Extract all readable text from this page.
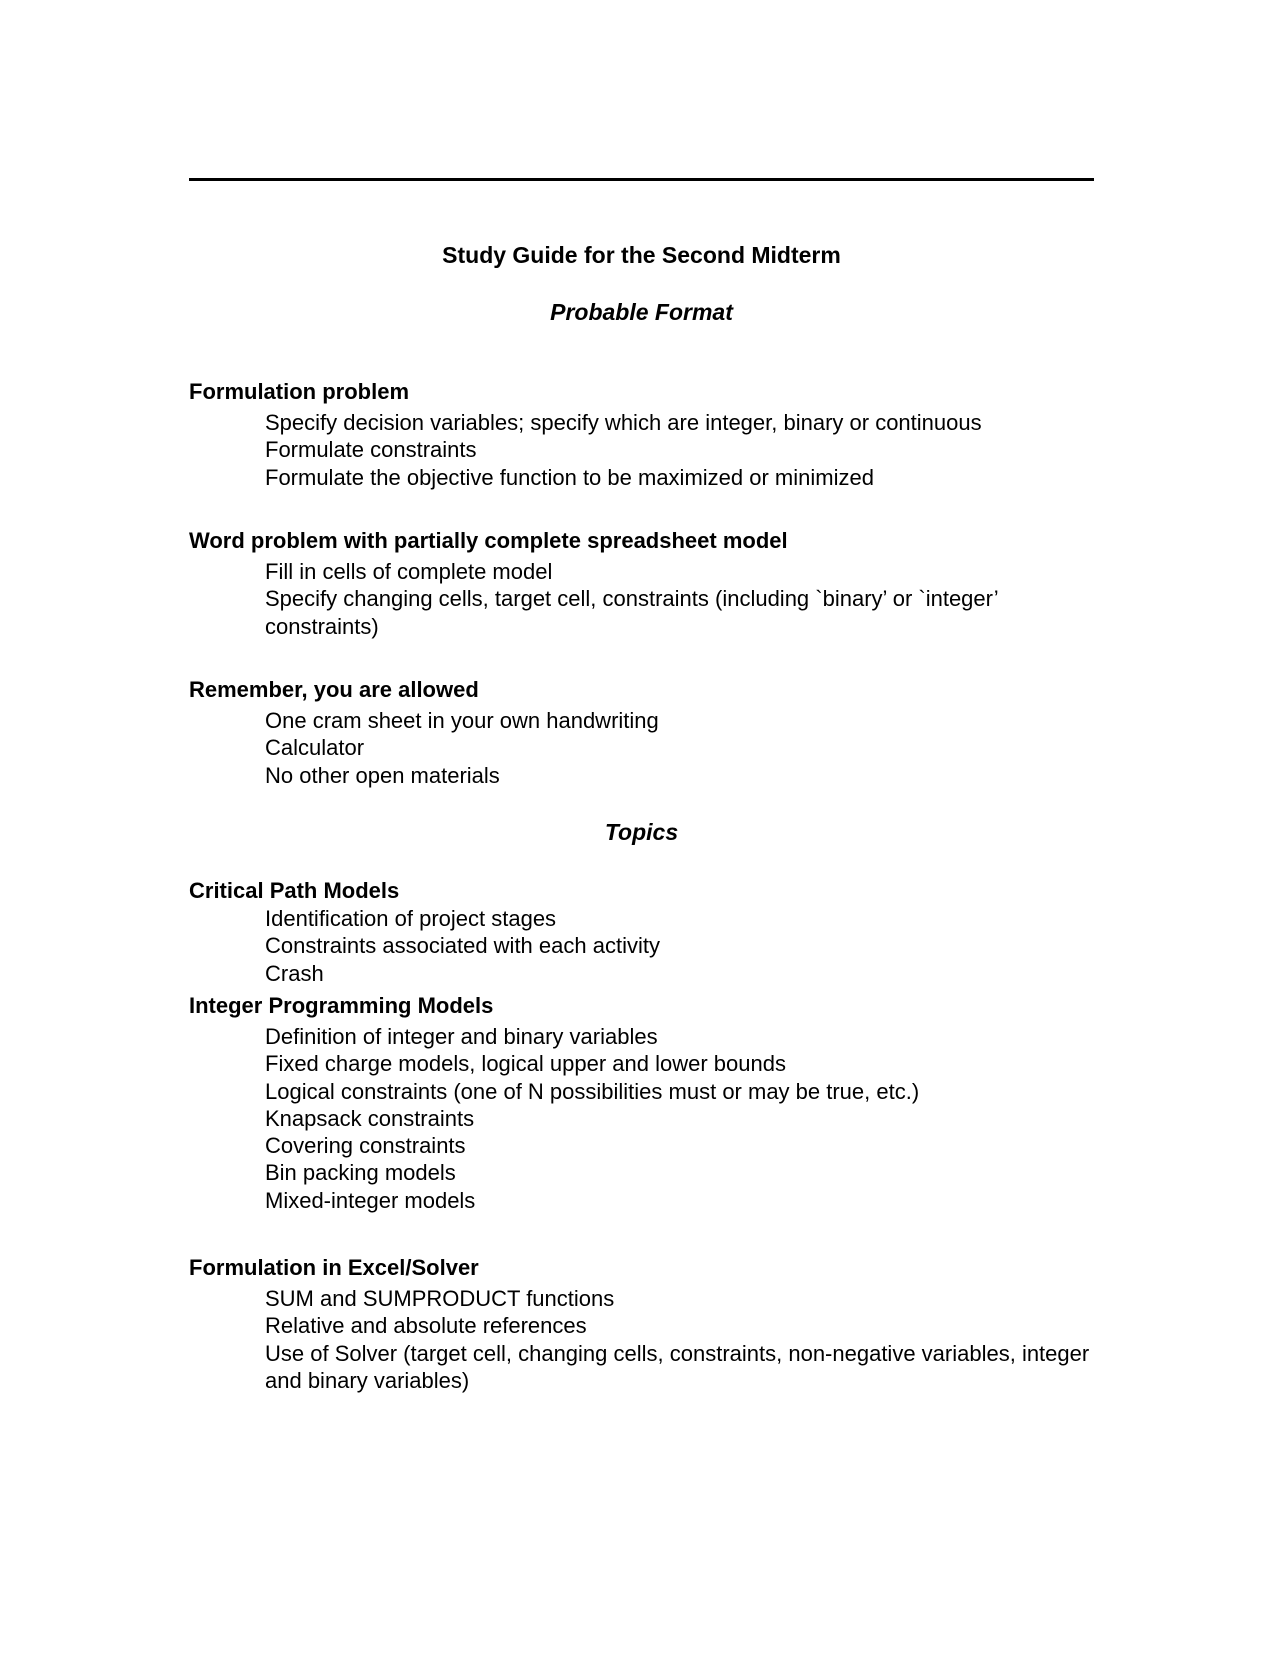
Study Guide for the Second Midterm
Probable Format

Formulation problem

Specify decision variables; specify which are integer, binary or continuous
Formulate constraints
Formulate the objective function to be maximized or minimized

Word problem with partially complete spreadsheet model

Fill in cells of complete model
Specify changing cells, target cell, constraints (including `binary’ or `integer’ constraints)

Remember, you are allowed

One cram sheet in your own handwriting
Calculator
No other open materials
Topics

Critical Path Models

Identification of project stages
Constraints associated with each activity
Crash

Integer Programming Models

Definition of integer and binary variables
Fixed charge models, logical upper and lower bounds
Logical constraints (one of N possibilities must or may be true, etc.)
Knapsack constraints
Covering constraints
Bin packing models
Mixed-integer models

Formulation in Excel/Solver

SUM and SUMPRODUCT functions
Relative and absolute references
Use of Solver (target cell, changing cells, constraints, non-negative variables, integer and binary variables)
